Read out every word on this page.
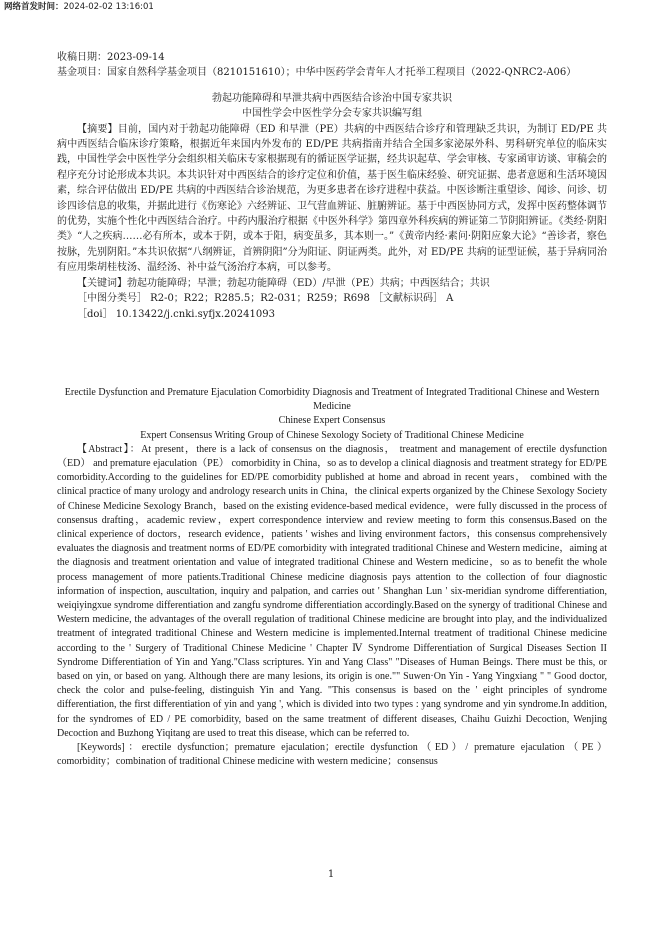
网络首发时间：2024-02-02 13:16:01

收稿日期：2023-09-14

基金项目：国家自然科学基金项目（8210151610）；中华中医药学会青年人才托举工程项目（2022-QNRC2-A06）

勃起功能障碍和早泄共病中西医结合诊治中国专家共识

中国性学会中医性学分会专家共识编写组

【摘要】目前，国内对于勃起功能障碍（ED 和早泄（PE）共病的中西医结合诊疗和管理缺乏共识，为制订 ED/PE 共病中西医结合临床诊疗策略，根据近年来国内外发布的 ED/PE 共病指南并结合全国多家泌尿外科、男科研究单位的临床实践，中国性学会中医性学分会组织相关临床专家根据现有的循证医学证据，经共识起草、学会审核、专家函审访谈、审稿会的程序充分讨论形成本共识。本共识针对中西医结合的诊疗定位和价值，基于医生临床经验、研究证据、患者意愿和生活环境因素，综合评估做出 ED/PE 共病的中西医结合诊治规范，为更多患者在诊疗进程中获益。中医诊断注重望诊、闻诊、问诊、切诊四诊信息的收集，并据此进行《伤寒论》六经辨证、卫气营血辨证、脏腑辨证。基于中西医协同方式，发挥中医药整体调节的优势，实施个性化中西医结合治疗。中药内服治疗根据《中医外科学》第四章外科疾病的辨证第二节阴阳辨证。《类经·阴阳类》“人之疾病……必有所本，或本于阴，或本于阳，病变虽多，其本则一。”《黄帝内经·素问·阴阳应象大论》“善诊者，察色按脉，先别阴阳。”本共识依据“八纲辨证，首辨阴阳”分为阳证、阴证两类。此外，对 ED/PE 共病的证型证候，基于异病同治有应用柴胡桂枝汤、温经汤、补中益气汤治疗本病，可以参考。

【关键词】勃起功能障碍；早泄；勃起功能障碍（ED）/早泄（PE）共病；中西医结合；共识

［中图分类号］ R2-0；R22；R285.5；R2-031；R259；R698 ［文献标识码］ A

［doi］ 10.13422/j.cnki.syfjx.20241093

Erectile Dysfunction and Premature Ejaculation Comorbidity Diagnosis and Treatment of Integrated Traditional Chinese and Western Medicine

Chinese Expert Consensus

Expert Consensus Writing Group of Chinese Sexology Society of Traditional Chinese Medicine

【Abstract】：At present，there is a lack of consensus on the diagnosis， treatment and management of erectile dysfunction（ED） and premature ejaculation（PE） comorbidity in China，so as to develop a clinical diagnosis and treatment strategy for ED/PE comorbidity.According to the guidelines for ED/PE comorbidity published at home and abroad in recent years， combined with the clinical practice of many urology and andrology research units in China，the clinical experts organized by the Chinese Sexology Society of Chinese Medicine Sexology Branch，based on the existing evidence-based medical evidence，were fully discussed in the process of consensus drafting，academic review，expert correspondence interview and review meeting to form this consensus.Based on the clinical experience of doctors，research evidence，patients ' wishes and living environment factors，this consensus comprehensively evaluates the diagnosis and treatment norms of ED/PE comorbidity with integrated traditional Chinese and Western medicine，aiming at the diagnosis and treatment orientation and value of integrated traditional Chinese and Western medicine，so as to benefit the whole process management of more patients.Traditional Chinese medicine diagnosis pays attention to the collection of four diagnostic information of inspection, auscultation, inquiry and palpation, and carries out ' Shanghan Lun ' six-meridian syndrome differentiation, weiqiyingxue syndrome differentiation and zangfu syndrome differentiation accordingly.Based on the synergy of traditional Chinese and Western medicine, the advantages of the overall regulation of traditional Chinese medicine are brought into play, and the individualized treatment of integrated traditional Chinese and Western medicine is implemented.Internal treatment of traditional Chinese medicine according to the ' Surgery of Traditional Chinese Medicine ' Chapter Ⅳ Syndrome Differentiation of Surgical Diseases Section II Syndrome Differentiation of Yin and Yang."Class scriptures. Yin and Yang Class" "Diseases of Human Beings. There must be this, or based on yin, or based on yang. Although there are many lesions, its origin is one."" Suwen·On Yin - Yang Yingxiang " " Good doctor, check the color and pulse-feeling, distinguish Yin and Yang. "This consensus is based on the ' eight principles of syndrome differentiation, the first differentiation of yin and yang ', which is divided into two types : yang syndrome and yin syndrome.In addition, for the syndromes of ED / PE comorbidity, based on the same treatment of different diseases, Chaihu Guizhi Decoction, Wenjing Decoction and Buzhong Yiqitang are used to treat this disease, which can be referred to.

[Keywords]：erectile dysfunction；premature ejaculation；erectile dysfunction（ED）/ premature ejaculation（PE）comorbidity；combination of traditional Chinese medicine with western medicine；consensus

1
